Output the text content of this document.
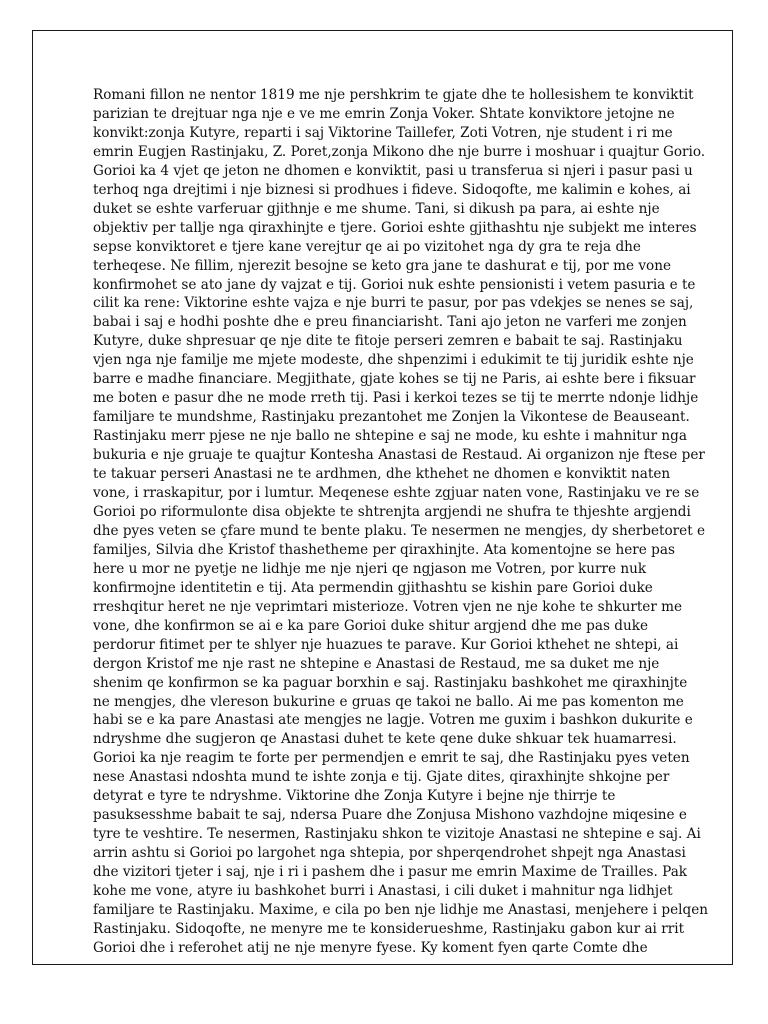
Romani fillon ne nentor 1819 me nje pershkrim te gjate dhe te hollesishem te konviktit
parizian te drejtuar nga nje e ve me emrin Zonja Voker. Shtate konviktore jetojne ne
konvikt:zonja Kutyre, reparti i saj Viktorine Taillefer, Zoti Votren, nje student i ri me
emrin Eugjen Rastinjaku, Z. Poret,zonja Mikono dhe nje burre i moshuar i quajtur Gorio.
Gorioi ka 4 vjet qe jeton ne dhomen e konviktit, pasi u transferua si njeri i pasur pasi u
terhoq nga drejtimi i nje biznesi si prodhues i fideve. Sidoqofte, me kalimin e kohes, ai
duket se eshte varferuar gjithnje e me shume. Tani, si dikush pa para, ai eshte nje
objektiv per tallje nga qiraxhinjte e tjere. Gorioi eshte gjithashtu nje subjekt me interes
sepse konviktoret e tjere kane verejtur qe ai po vizitohet nga dy gra te reja dhe
terheqese. Ne fillim, njerezit besojne se keto gra jane te dashurat e tij, por me vone
konfirmohet se ato jane dy vajzat e tij. Gorioi nuk eshte pensionisti i vetem pasuria e te
cilit ka rene: Viktorine eshte vajza e nje burri te pasur, por pas vdekjes se nenes se saj,
babai i saj e hodhi poshte dhe e preu financiarisht. Tani ajo jeton ne varferi me zonjen
Kutyre, duke shpresuar qe nje dite te fitoje perseri zemren e babait te saj. Rastinjaku
vjen nga nje familje me mjete modeste, dhe shpenzimi i edukimit te tij juridik eshte nje
barre e madhe financiare. Megjithate, gjate kohes se tij ne Paris, ai eshte bere i fiksuar
me boten e pasur dhe ne mode rreth tij. Pasi i kerkoi tezes se tij te merrte ndonje lidhje
familjare te mundshme, Rastinjaku prezantohet me Zonjen la Vikontese de Beauseant.
Rastinjaku merr pjese ne nje ballo ne shtepine e saj ne mode, ku eshte i mahnitur nga
bukuria e nje gruaje te quajtur Kontesha Anastasi de Restaud. Ai organizon nje ftese per
te takuar perseri Anastasi ne te ardhmen, dhe kthehet ne dhomen e konviktit naten
vone, i rraskapitur, por i lumtur. Meqenese eshte zgjuar naten vone, Rastinjaku ve re se
Gorioi po riformulonte disa objekte te shtrenjta argjendi ne shufra te thjeshte argjendi
dhe pyes veten se çfare mund te bente plaku. Te nesermen ne mengjes, dy sherbetoret e
familjes, Silvia dhe Kristof thashetheme per qiraxhinjte. Ata komentojne se here pas
here u mor ne pyetje ne lidhje me nje njeri qe ngjason me Votren, por kurre nuk
konfirmojne identitetin e tij. Ata permendin gjithashtu se kishin pare Gorioi duke
rreshqitur heret ne nje veprimtari misterioze. Votren vjen ne nje kohe te shkurter me
vone, dhe konfirmon se ai e ka pare Gorioi duke shitur argjend dhe me pas duke
perdorur fitimet per te shlyer nje huazues te parave. Kur Gorioi kthehet ne shtepi, ai
dergon Kristof me nje rast ne shtepine e Anastasi de Restaud, me sa duket me nje
shenim qe konfirmon se ka paguar borxhin e saj. Rastinjaku bashkohet me qiraxhinjte
ne mengjes, dhe vlereson bukurine e gruas qe takoi ne ballo. Ai me pas komenton me
habi se e ka pare Anastasi ate mengjes ne lagje. Votren me guxim i bashkon dukurite e
ndryshme dhe sugjeron qe Anastasi duhet te kete qene duke shkuar tek huamarresi.
Gorioi ka nje reagim te forte per permendjen e emrit te saj, dhe Rastinjaku pyes veten
nese Anastasi ndoshta mund te ishte zonja e tij. Gjate dites, qiraxhinjte shkojne per
detyrat e tyre te ndryshme. Viktorine dhe Zonja Kutyre i bejne nje thirrje te
pasuksesshme babait te saj, ndersa Puare dhe Zonjusa Mishono vazhdojne miqesine e
tyre te veshtire. Te nesermen, Rastinjaku shkon te vizitoje Anastasi ne shtepine e saj. Ai
arrin ashtu si Gorioi po largohet nga shtepia, por shperqendrohet shpejt nga Anastasi
dhe vizitori tjeter i saj, nje i ri i pashem dhe i pasur me emrin Maxime de Trailles. Pak
kohe me vone, atyre iu bashkohet burri i Anastasi, i cili duket i mahnitur nga lidhjet
familjare te Rastinjaku. Maxime, e cila po ben nje lidhje me Anastasi, menjehere i pelqen
Rastinjaku. Sidoqofte, ne menyre me te konsiderueshme, Rastinjaku gabon kur ai rrit
Gorioi dhe i referohet atij ne nje menyre fyese. Ky koment fyen qarte Comte dhe
